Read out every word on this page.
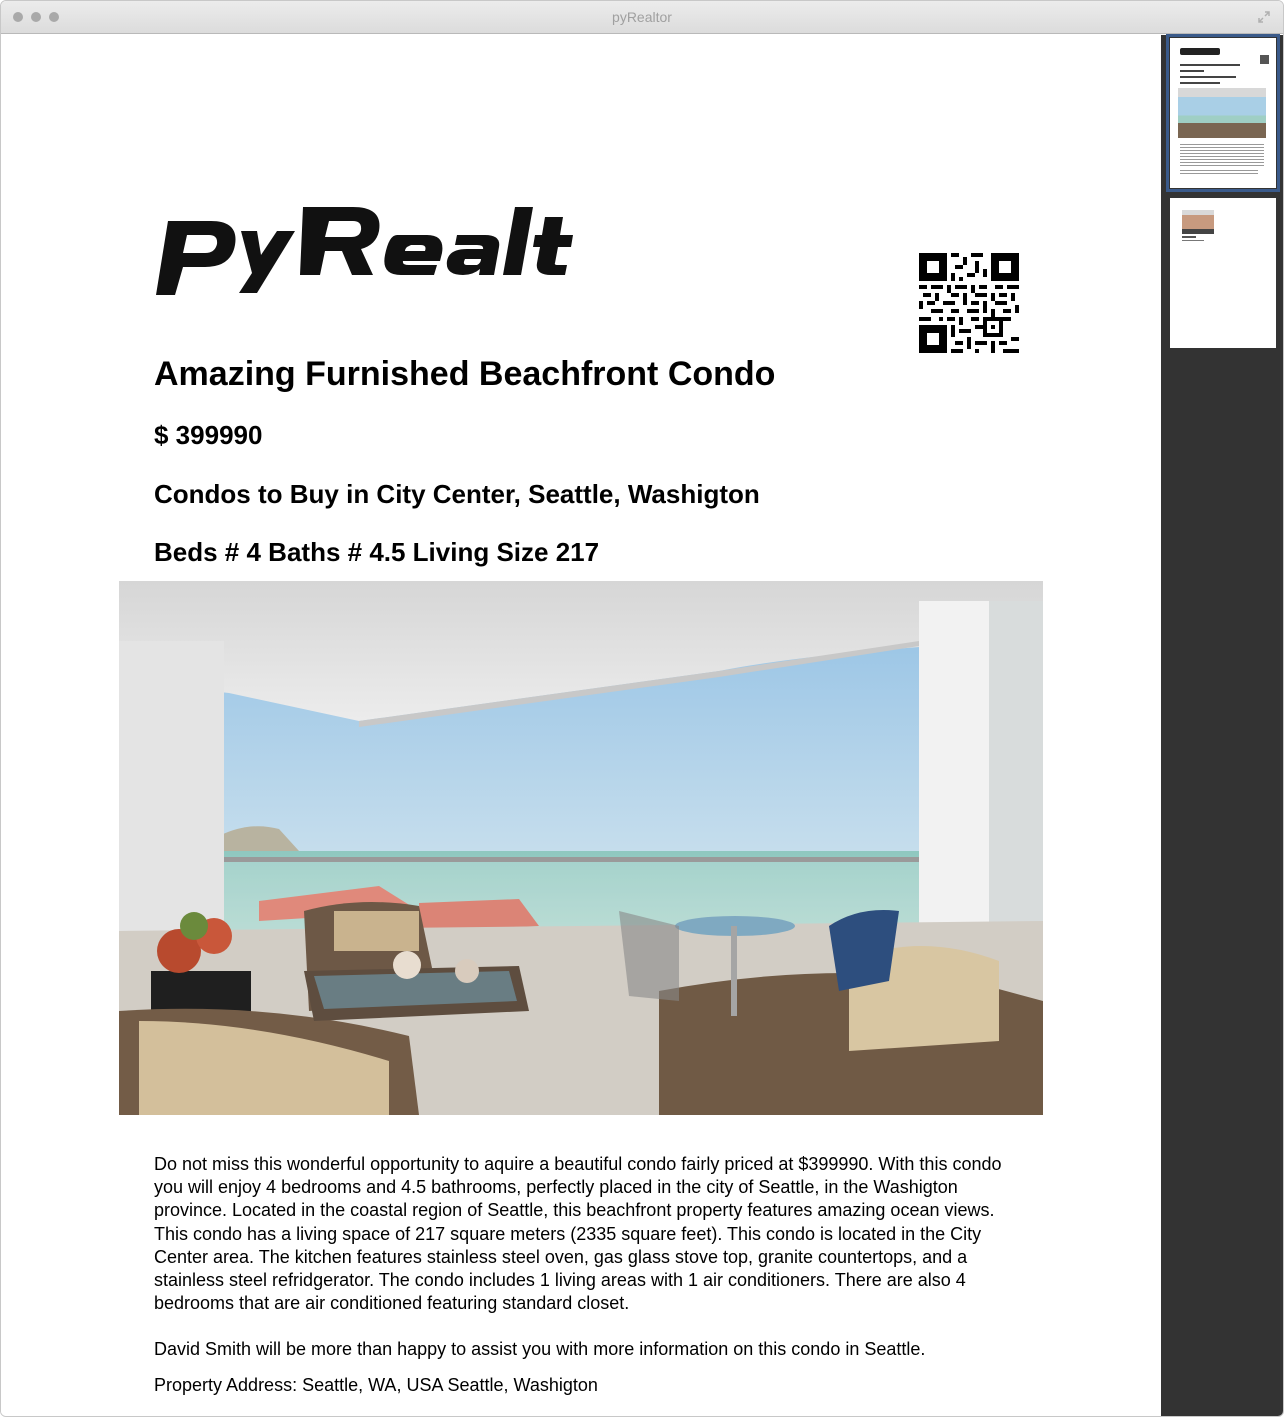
pyRealtor
Amazing Furnished Beachfront Condo
$ 399990
Condos to Buy in City Center, Seattle, Washigton
Beds # 4 Baths # 4.5 Living Size 217

Do not miss this wonderful opportunity to aquire a beautiful condo fairly priced at $399990. With this condo you will enjoy 4 bedrooms and 4.5 bathrooms, perfectly placed in the city of Seattle, in the Washigton province. Located in the coastal region of Seattle, this beachfront property features amazing ocean views. This condo has a living space of 217 square meters (2335 square feet). This condo is located in the City Center area. The kitchen features stainless steel oven, gas glass stove top, granite countertops, and a stainless steel refridgerator. The condo includes 1 living areas with 1 air conditioners. There are also 4 bedrooms that are air conditioned featuring standard closet.

David Smith will be more than happy to assist you with more information on this condo in Seattle.
Property Address: Seattle, WA, USA Seattle, Washigton
